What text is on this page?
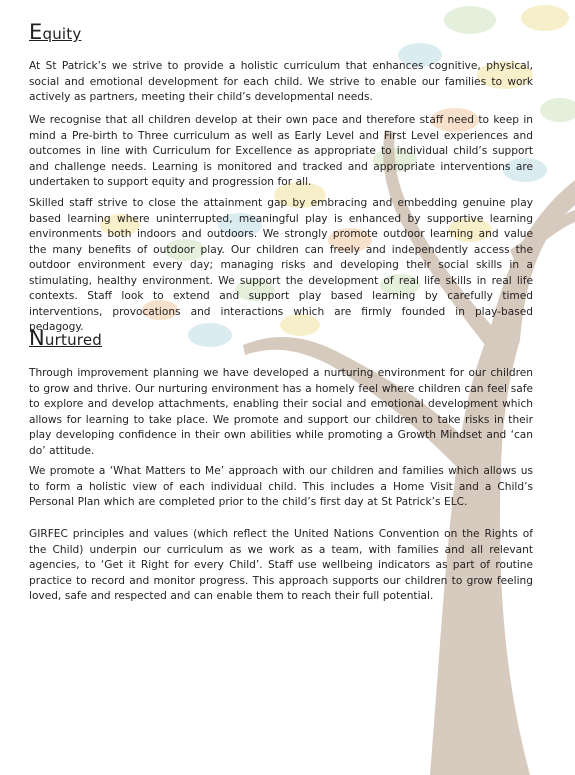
Equity

At St Patrick’s we strive to provide a holistic curriculum that enhances cognitive, physical, social and emotional development for each child. We strive to enable our families to work actively as partners, meeting their child’s developmental needs.

We recognise that all children develop at their own pace and therefore staff need to keep in mind a Pre-birth to Three curriculum as well as Early Level and First Level experiences and outcomes in line with Curriculum for Excellence as appropriate to individual child’s support and challenge needs. Learning is monitored and tracked and appropriate interventions are undertaken to support equity and progression for all.

Skilled staff strive to close the attainment gap by embracing and embedding genuine play based learning where uninterrupted, meaningful play is enhanced by supportive learning environments both indoors and outdoors. We strongly promote outdoor learning and value the many benefits of outdoor play. Our children can freely and independently access the outdoor environment every day; managing risks and developing their social skills in a stimulating, healthy environment. We support the development of real life skills in real life contexts. Staff look to extend and support play based learning by carefully timed interventions, provocations and interactions which are firmly founded in play-based pedagogy.

Nurtured

Through improvement planning we have developed a nurturing environment for our children to grow and thrive. Our nurturing environment has a homely feel where children can feel safe to explore and develop attachments, enabling their social and emotional development which allows for learning to take place. We promote and support our children to take risks in their play developing confidence in their own abilities while promoting a Growth Mindset and ‘can do’ attitude.

We promote a ‘What Matters to Me’ approach with our children and families which allows us to form a holistic view of each individual child. This includes a Home Visit and a Child’s Personal Plan which are completed prior to the child’s first day at St Patrick’s ELC.

GIRFEC principles and values (which reflect the United Nations Convention on the Rights of the Child) underpin our curriculum as we work as a team, with families and all relevant agencies, to ‘Get it Right for every Child’. Staff use wellbeing indicators as part of routine practice to record and monitor progress. This approach supports our children to grow feeling loved, safe and respected and can enable them to reach their full potential.
